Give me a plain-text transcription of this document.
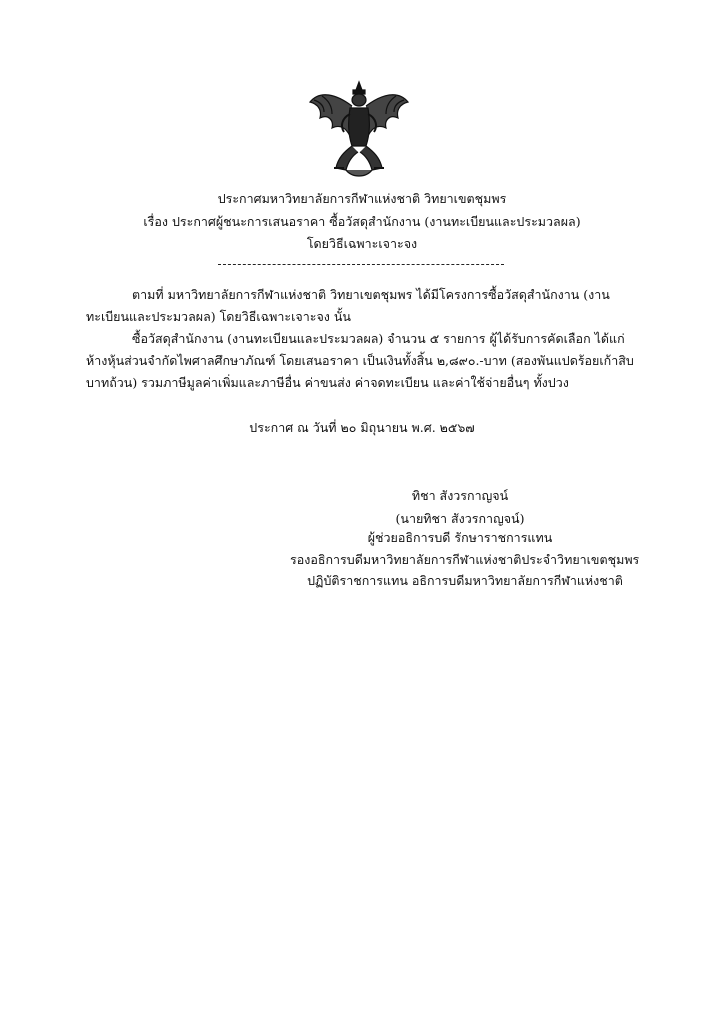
ประกาศมหาวิทยาลัยการกีฬาแห่งชาติ วิทยาเขตชุมพร
เรื่อง ประกาศผู้ชนะการเสนอราคา ซื้อวัสดุสำนักงาน (งานทะเบียนและประมวลผล)
โดยวิธีเฉพาะเจาะจง
ตามที่ มหาวิทยาลัยการกีฬาแห่งชาติ วิทยาเขตชุมพร ได้มีโครงการซื้อวัสดุสำนักงาน (งานทะเบียนและประมวลผล) โดยวิธีเฉพาะเจาะจง นั้น
ซื้อวัสดุสำนักงาน (งานทะเบียนและประมวลผล) จำนวน ๕ รายการ ผู้ได้รับการคัดเลือก ได้แก่ ห้างหุ้นส่วนจำกัดไพศาลศึกษาภัณฑ์ โดยเสนอราคา เป็นเงินทั้งสิ้น ๒,๘๙๐.-บาท (สองพันแปดร้อยเก้าสิบบาทถ้วน) รวมภาษีมูลค่าเพิ่มและภาษีอื่น ค่าขนส่ง ค่าจดทะเบียน และค่าใช้จ่ายอื่นๆ ทั้งปวง
ประกาศ ณ วันที่ ๒๐ มิถุนายน พ.ศ. ๒๕๖๗
ทิชา สังวรกาญจน์
(นายทิชา สังวรกาญจน์)
ผู้ช่วยอธิการบดี รักษาราชการแทน
รองอธิการบดีมหาวิทยาลัยการกีฬาแห่งชาติประจำวิทยาเขตชุมพร
ปฏิบัติราชการแทน อธิการบดีมหาวิทยาลัยการกีฬาแห่งชาติ
